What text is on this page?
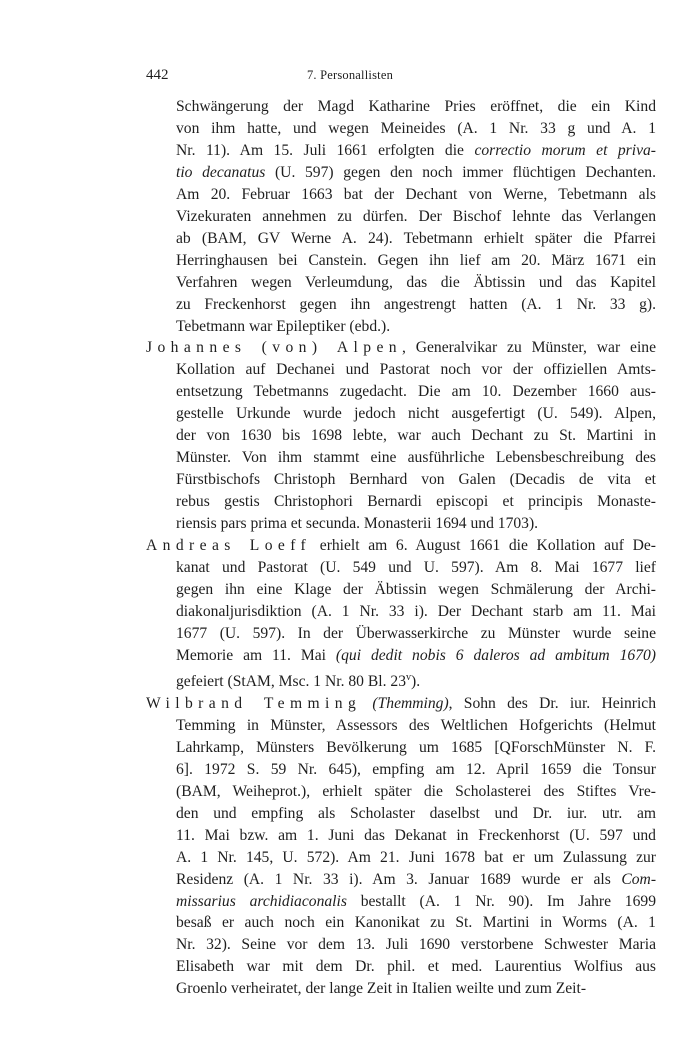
442	7. Personallisten
Schwängerung der Magd Katharine Pries eröffnet, die ein Kind
von ihm hatte, und wegen Meineides (A. 1 Nr. 33 g und A. 1
Nr. 11). Am 15. Juli 1661 erfolgten die correctio morum et priva-
tio decanatus (U. 597) gegen den noch immer flüchtigen Dechanten.
Am 20. Februar 1663 bat der Dechant von Werne, Tebetmann als
Vizekuraten annehmen zu dürfen. Der Bischof lehnte das Verlangen
ab (BAM, GV Werne A. 24). Tebetmann erhielt später die Pfarrei
Herringhausen bei Canstein. Gegen ihn lief am 20. März 1671 ein
Verfahren wegen Verleumdung, das die Äbtissin und das Kapitel
zu Freckenhorst gegen ihn angestrengt hatten (A. 1 Nr. 33 g).
Tebetmann war Epileptiker (ebd.).
Johannes (von) Alpen, Generalvikar zu Münster, war eine
Kollation auf Dechanei und Pastorat noch vor der offiziellen Amts-
entsetzung Tebetmanns zugedacht. Die am 10. Dezember 1660 aus-
gestelle Urkunde wurde jedoch nicht ausgefertigt (U. 549). Alpen,
der von 1630 bis 1698 lebte, war auch Dechant zu St. Martini in
Münster. Von ihm stammt eine ausführliche Lebensbeschreibung des
Fürstbischofs Christoph Bernhard von Galen (Decadis de vita et
rebus gestis Christophori Bernardi episcopi et principis Monaste-
riensis pars prima et secunda. Monasterii 1694 und 1703).
Andreas Loeff erhielt am 6. August 1661 die Kollation auf De-
kanat und Pastorat (U. 549 und U. 597). Am 8. Mai 1677 lief
gegen ihn eine Klage der Äbtissin wegen Schmälerung der Archi-
diakonaljurisdiktion (A. 1 Nr. 33 i). Der Dechant starb am 11. Mai
1677 (U. 597). In der Überwasserkirche zu Münster wurde seine
Memorie am 11. Mai (qui dedit nobis 6 daleros ad ambitum 1670)
gefeiert (StAM, Msc. 1 Nr. 80 Bl. 23$^v$).
Wilbrand Temming (Themming), Sohn des Dr. iur. Heinrich
Temming in Münster, Assessors des Weltlichen Hofgerichts (Helmut
Lahrkamp, Münsters Bevölkerung um 1685 [QForschMünster N. F.
6]. 1972 S. 59 Nr. 645), empfing am 12. April 1659 die Tonsur
(BAM, Weiheprot.), erhielt später die Scholasterei des Stiftes Vre-
den und empfing als Scholaster daselbst und Dr. iur. utr. am
11. Mai bzw. am 1. Juni das Dekanat in Freckenhorst (U. 597 und
A. 1 Nr. 145, U. 572). Am 21. Juni 1678 bat er um Zulassung zur
Residenz (A. 1 Nr. 33 i). Am 3. Januar 1689 wurde er als Com-
missarius archidiaconalis bestallt (A. 1 Nr. 90). Im Jahre 1699
besaß er auch noch ein Kanonikat zu St. Martini in Worms (A. 1
Nr. 32). Seine vor dem 13. Juli 1690 verstorbene Schwester Maria
Elisabeth war mit dem Dr. phil. et med. Laurentius Wolfius aus
Groenlo verheiratet, der lange Zeit in Italien weilte und zum Zeit-
